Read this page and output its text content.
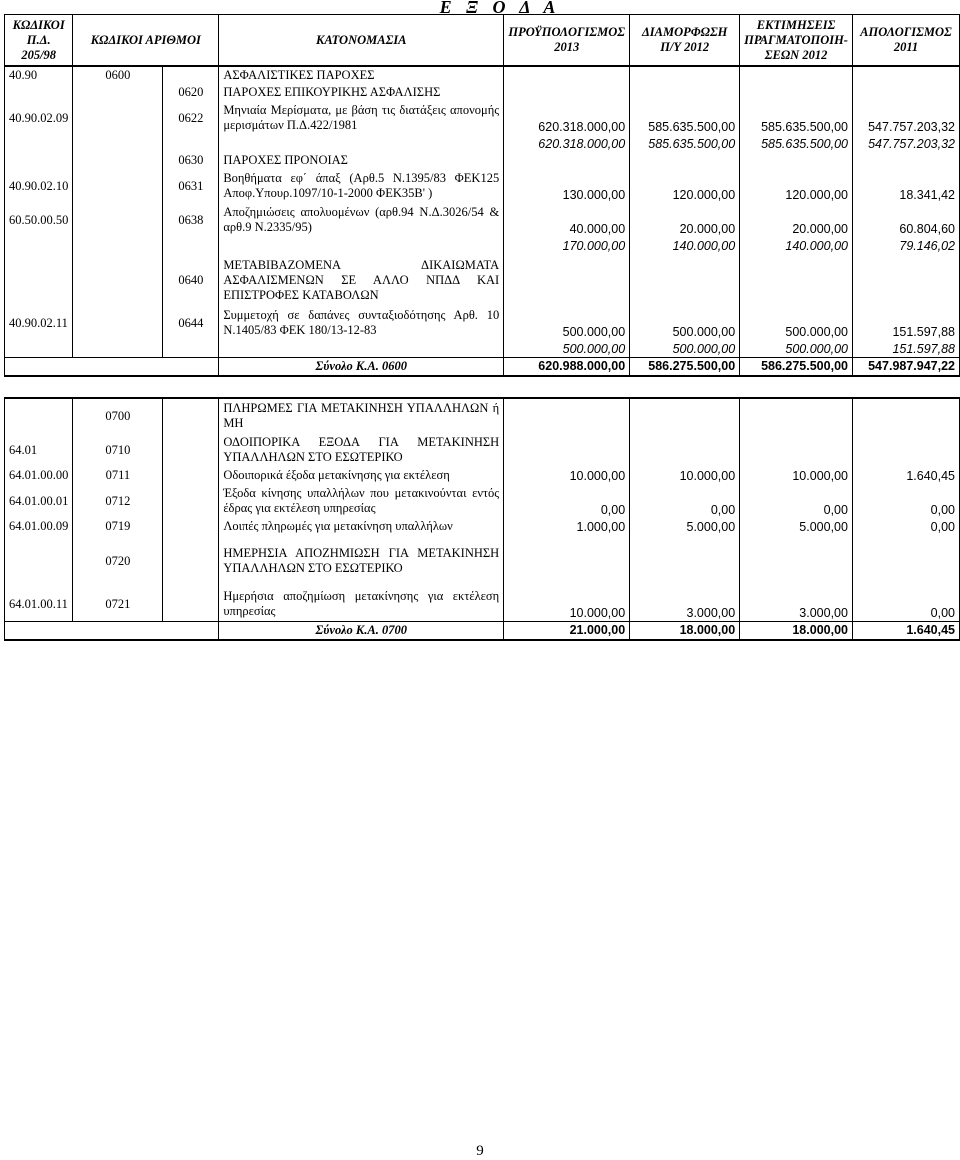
Ε Ξ Ο Δ Α
ΚΩΔΙΚΟΙ Π.Δ. 205/98	ΚΩΔΙΚΟΙ ΑΡΙΘΜΟΙ		ΚΑΤΟΝΟΜΑΣΙΑ	ΠΡΟΫΠΟΛΟΓΙΣΜΟΣ 2013	ΔΙΑΜΟΡΦΩΣΗ Π/Υ 2012	ΕΚΤΙΜΗΣΕΙΣ ΠΡΑΓΜΑΤΟΠΟΙΗ-ΣΕΩΝ 2012	ΑΠΟΛΟΓΙΣΜΟΣ 2011
40.90	0600		ΑΣΦΑΛΙΣΤΙΚΕΣ ΠΑΡΟΧΕΣ				
		0620	ΠΑΡΟΧΕΣ ΕΠΙΚΟΥΡΙΚΗΣ ΑΣΦΑΛΙΣΗΣ				
40.90.02.09		0622	Μηνιαία Μερίσματα, με βάση τις διατάξεις απονομής μερισμάτων Π.Δ.422/1981	620.318.000,00	585.635.500,00	585.635.500,00	547.757.203,32
				620.318.000,00	585.635.500,00	585.635.500,00	547.757.203,32
		0630	ΠΑΡΟΧΕΣ ΠΡΟΝΟΙΑΣ				
40.90.02.10		0631	Βοηθήματα εφ΄ άπαξ (Αρθ.5 Ν.1395/83 ΦΕΚ125 Αποφ.Υπουρ.1097/10-1-2000 ΦΕΚ35Β' )	130.000,00	120.000,00	120.000,00	18.341,42
60.50.00.50		0638	Αποζημιώσεις απολυομένων (αρθ.94 Ν.Δ.3026/54 & αρθ.9 Ν.2335/95)	40.000,00	20.000,00	20.000,00	60.804,60
				170.000,00	140.000,00	140.000,00	79.146,02
		0640	ΜΕΤΑΒΙΒΑΖΟΜΕΝΑ ΔΙΚΑΙΩΜΑΤΑ ΑΣΦΑΛΙΣΜΕΝΩΝ ΣΕ ΑΛΛΟ ΝΠΔΔ ΚΑΙ ΕΠΙΣΤΡΟΦΕΣ ΚΑΤΑΒΟΛΩΝ				
40.90.02.11		0644	Συμμετοχή σε δαπάνες συνταξιοδότησης Αρθ. 10 Ν.1405/83 ΦΕΚ 180/13-12-83	500.000,00	500.000,00	500.000,00	151.597,88
				500.000,00	500.000,00	500.000,00	151.597,88
			Σύνολο Κ.Α. 0600	620.988.000,00	586.275.500,00	586.275.500,00	547.987.947,22

	0700		ΠΛΗΡΩΜΕΣ ΓΙΑ ΜΕΤΑΚΙΝΗΣΗ ΥΠΑΛΛΗΛΩΝ ή ΜΗ				
64.01	0710		ΟΔΟΙΠΟΡΙΚΑ ΕΞΟΔΑ ΓΙΑ ΜΕΤΑΚΙΝΗΣΗ ΥΠΑΛΛΗΛΩΝ ΣΤΟ ΕΣΩΤΕΡΙΚΟ				
64.01.00.00	0711		Οδοιπορικά έξοδα μετακίνησης για εκτέλεση	10.000,00	10.000,00	10.000,00	1.640,45
64.01.00.01	0712		Έξοδα κίνησης υπαλλήλων που μετακινούνται εντός έδρας για εκτέλεση υπηρεσίας	0,00	0,00	0,00	0,00
64.01.00.09	0719		Λοιπές πληρωμές για μετακίνηση υπαλλήλων	1.000,00	5.000,00	5.000,00	0,00
	0720		ΗΜΕΡΗΣΙΑ ΑΠΟΖΗΜΙΩΣΗ ΓΙΑ ΜΕΤΑΚΙΝΗΣΗ ΥΠΑΛΛΗΛΩΝ ΣΤΟ ΕΣΩΤΕΡΙΚΟ				
64.01.00.11	0721		Ημερήσια αποζημίωση μετακίνησης για εκτέλεση υπηρεσίας	10.000,00	3.000,00	3.000,00	0,00
			Σύνολο Κ.Α. 0700	21.000,00	18.000,00	18.000,00	1.640,45
9
